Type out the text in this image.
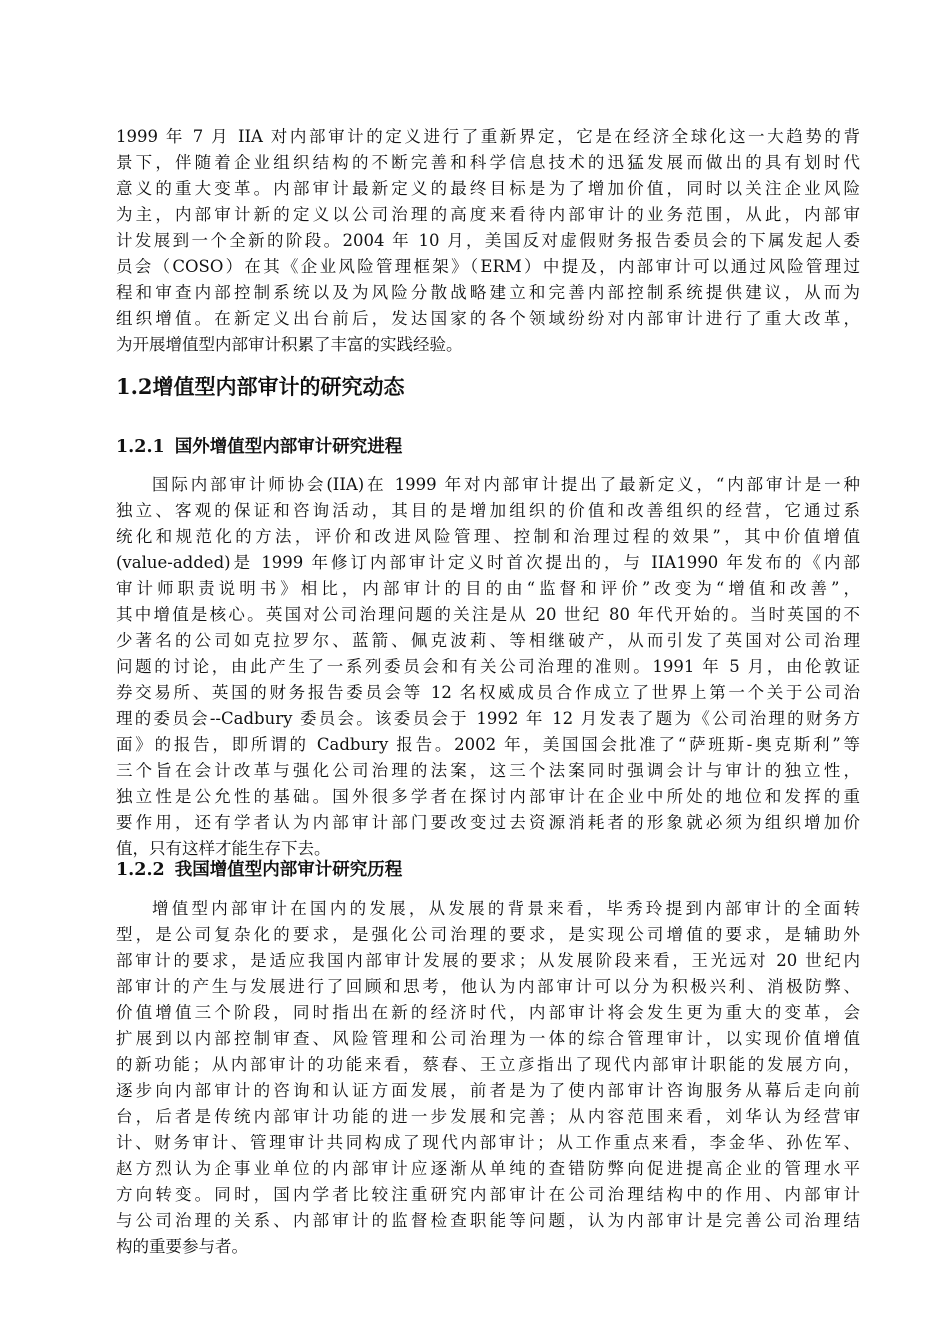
1999 年 7 月 IIA 对内部审计的定义进行了重新界定，它是在经济全球化这一大趋势的背
景下，伴随着企业组织结构的不断完善和科学信息技术的迅猛发展而做出的具有划时代
意义的重大变革。内部审计最新定义的最终目标是为了增加价值，同时以关注企业风险
为主，内部审计新的定义以公司治理的高度来看待内部审计的业务范围，从此，内部审
计发展到一个全新的阶段。2004 年 10 月，美国反对虚假财务报告委员会的下属发起人委
员会（COSO）在其《企业风险管理框架》（ERM）中提及，内部审计可以通过风险管理过
程和审查内部控制系统以及为风险分散战略建立和完善内部控制系统提供建议，从而为
组织增值。在新定义出台前后，发达国家的各个领域纷纷对内部审计进行了重大改革，
为开展增值型内部审计积累了丰富的实践经验。
1.2增值型内部审计的研究动态
1.2.1 国外增值型内部审计研究进程
国际内部审计师协会(IIA)在 1999 年对内部审计提出了最新定义，“内部审计是一种
独立、客观的保证和咨询活动，其目的是增加组织的价值和改善组织的经营，它通过系
统化和规范化的方法，评价和改进风险管理、控制和治理过程的效果”，其中价值增值
(value-added)是 1999 年修订内部审计定义时首次提出的，与 IIA1990 年发布的《内部
审计师职责说明书》相比，内部审计的目的由“监督和评价”改变为“增值和改善”，
其中增值是核心。英国对公司治理问题的关注是从 20 世纪 80 年代开始的。当时英国的不
少著名的公司如克拉罗尔、蓝箭、佩克波莉、等相继破产，从而引发了英国对公司治理
问题的讨论，由此产生了一系列委员会和有关公司治理的准则。1991 年 5 月，由伦敦证
券交易所、英国的财务报告委员会等 12 名权威成员合作成立了世界上第一个关于公司治
理的委员会--Cadbury 委员会。该委员会于 1992 年 12 月发表了题为《公司治理的财务方
面》的报告，即所谓的 Cadbury 报告。2002 年，美国国会批准了“萨班斯-奥克斯利”等
三个旨在会计改革与强化公司治理的法案，这三个法案同时强调会计与审计的独立性，
独立性是公允性的基础。国外很多学者在探讨内部审计在企业中所处的地位和发挥的重
要作用，还有学者认为内部审计部门要改变过去资源消耗者的形象就必须为组织增加价
值，只有这样才能生存下去。
1.2.2 我国增值型内部审计研究历程
增值型内部审计在国内的发展，从发展的背景来看，毕秀玲提到内部审计的全面转
型，是公司复杂化的要求，是强化公司治理的要求，是实现公司增值的要求，是辅助外
部审计的要求，是适应我国内部审计发展的要求；从发展阶段来看，王光远对 20 世纪内
部审计的产生与发展进行了回顾和思考，他认为内部审计可以分为积极兴利、消极防弊、
价值增值三个阶段，同时指出在新的经济时代，内部审计将会发生更为重大的变革，会
扩展到以内部控制审查、风险管理和公司治理为一体的综合管理审计，以实现价值增值
的新功能；从内部审计的功能来看，蔡春、王立彦指出了现代内部审计职能的发展方向，
逐步向内部审计的咨询和认证方面发展，前者是为了使内部审计咨询服务从幕后走向前
台，后者是传统内部审计功能的进一步发展和完善；从内容范围来看，刘华认为经营审
计、财务审计、管理审计共同构成了现代内部审计；从工作重点来看，李金华、孙佐军、
赵方烈认为企事业单位的内部审计应逐渐从单纯的查错防弊向促进提高企业的管理水平
方向转变。同时，国内学者比较注重研究内部审计在公司治理结构中的作用、内部审计
与公司治理的关系、内部审计的监督检查职能等问题，认为内部审计是完善公司治理结
构的重要参与者。
